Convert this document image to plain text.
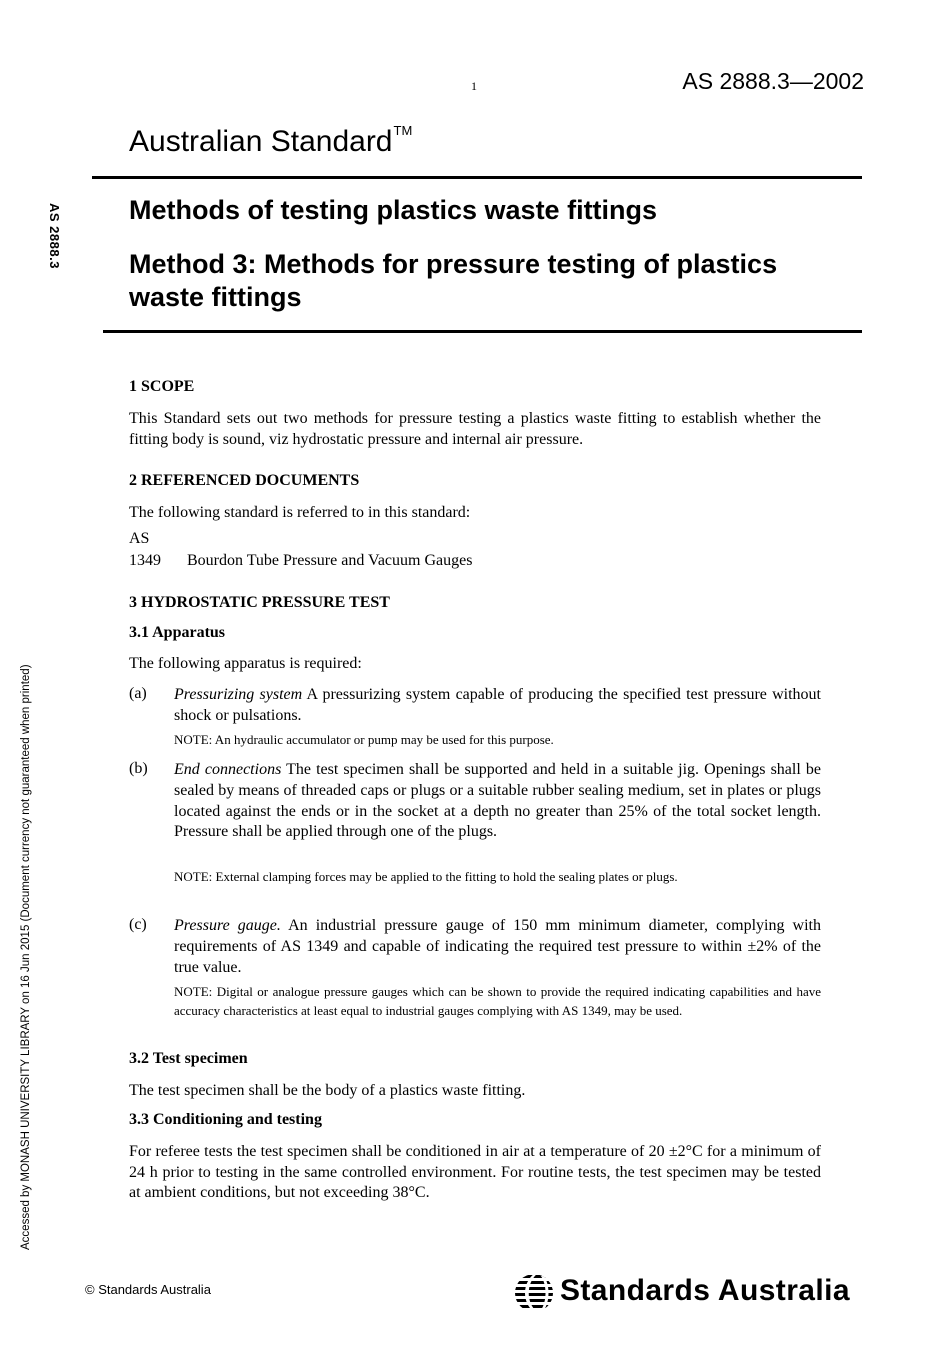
1	AS 2888.3—2002
Australian Standard™
Methods of testing plastics waste fittings
Method 3: Methods for pressure testing of plastics waste fittings
AS 2888.3
Accessed by MONASH UNIVERSITY LIBRARY on 16 Jun 2015 (Document currency not guaranteed when printed)
1 SCOPE
This Standard sets out two methods for pressure testing a plastics waste fitting to establish whether the fitting body is sound, viz hydrostatic pressure and internal air pressure.
2 REFERENCED DOCUMENTS
The following standard is referred to in this standard:
AS
1349	Bourdon Tube Pressure and Vacuum Gauges
3 HYDROSTATIC PRESSURE TEST
3.1 Apparatus
The following apparatus is required:
(a) Pressurizing system A pressurizing system capable of producing the specified test pressure without shock or pulsations.
NOTE: An hydraulic accumulator or pump may be used for this purpose.
(b) End connections The test specimen shall be supported and held in a suitable jig. Openings shall be sealed by means of threaded caps or plugs or a suitable rubber sealing medium, set in plates or plugs located against the ends or in the socket at a depth no greater than 25% of the total socket length. Pressure shall be applied through one of the plugs.
NOTE: External clamping forces may be applied to the fitting to hold the sealing plates or plugs.
(c) Pressure gauge. An industrial pressure gauge of 150 mm minimum diameter, complying with requirements of AS 1349 and capable of indicating the required test pressure to within ±2% of the true value.
NOTE: Digital or analogue pressure gauges which can be shown to provide the required indicating capabilities and have accuracy characteristics at least equal to industrial gauges complying with AS 1349, may be used.
3.2 Test specimen
The test specimen shall be the body of a plastics waste fitting.
3.3 Conditioning and testing
For referee tests the test specimen shall be conditioned in air at a temperature of 20 ±2°C for a minimum of 24 h prior to testing in the same controlled environment. For routine tests, the test specimen may be tested at ambient conditions, but not exceeding 38°C.
© Standards Australia	Standards Australia
